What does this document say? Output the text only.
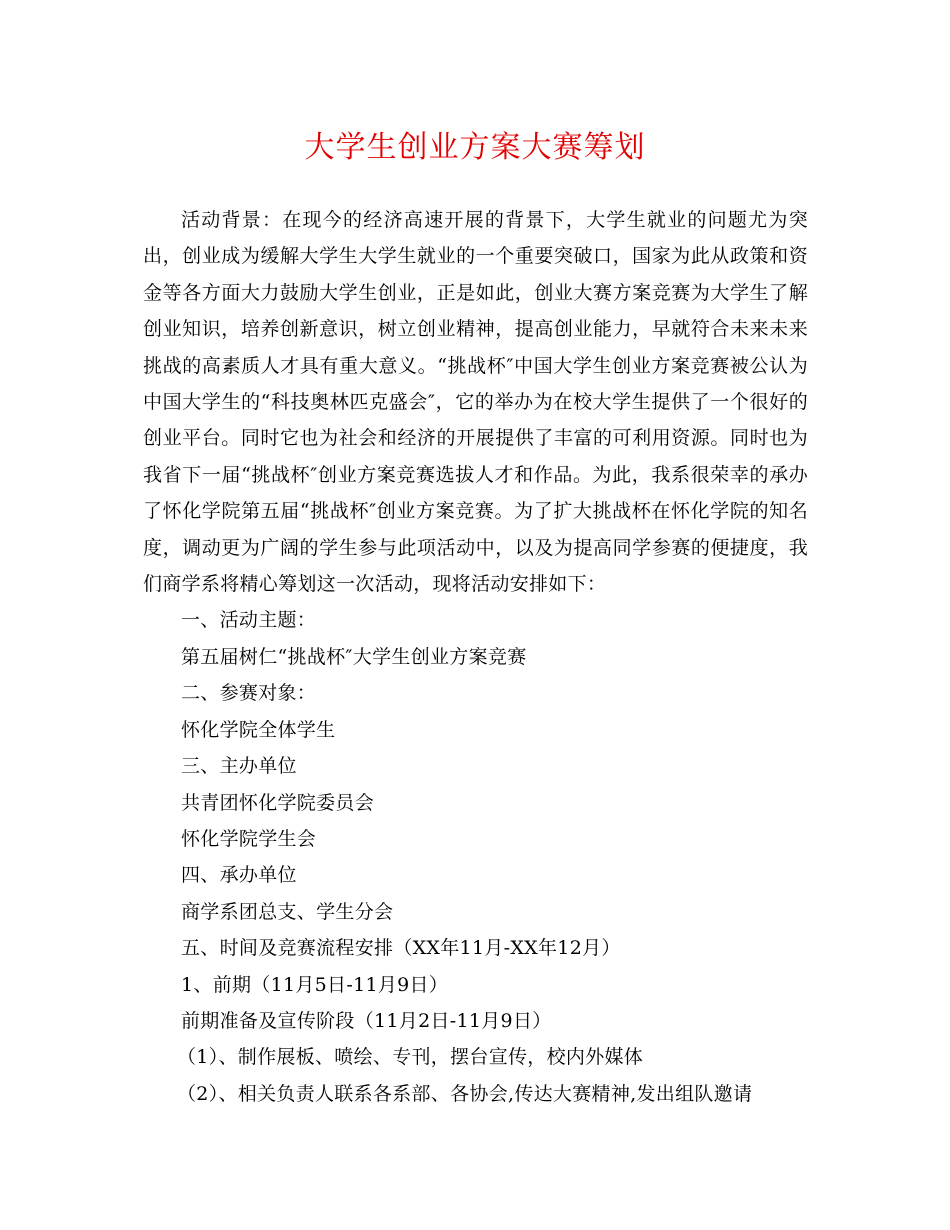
大学生创业方案大赛筹划

活动背景：在现今的经济高速开展的背景下，大学生就业的问题尤为突出，创业成为缓解大学生大学生就业的一个重要突破口，国家为此从政策和资金等各方面大力鼓励大学生创业，正是如此，创业大赛方案竞赛为大学生了解创业知识，培养创新意识，树立创业精神，提高创业能力，早就符合未来未来挑战的高素质人才具有重大意义。“挑战杯″中国大学生创业方案竞赛被公认为中国大学生的“科技奥林匹克盛会″，它的举办为在校大学生提供了一个很好的创业平台。同时它也为社会和经济的开展提供了丰富的可利用资源。同时也为我省下一届“挑战杯″创业方案竞赛选拔人才和作品。为此，我系很荣幸的承办了怀化学院第五届“挑战杯″创业方案竞赛。为了扩大挑战杯在怀化学院的知名度，调动更为广阔的学生参与此项活动中，以及为提高同学参赛的便捷度，我们商学系将精心筹划这一次活动，现将活动安排如下：

一、活动主题：

第五届树仁“挑战杯″大学生创业方案竞赛

二、参赛对象：

怀化学院全体学生

三、主办单位

共青团怀化学院委员会

怀化学院学生会

四、承办单位

商学系团总支、学生分会

五、时间及竞赛流程安排（XX年11月-XX年12月）

1、前期（11月5日-11月9日）

前期准备及宣传阶段（11月2日-11月9日）

（1）、制作展板、喷绘、专刊，摆台宣传，校内外媒体

（2）、相关负责人联系各系部、各协会,传达大赛精神,发出组队邀请
